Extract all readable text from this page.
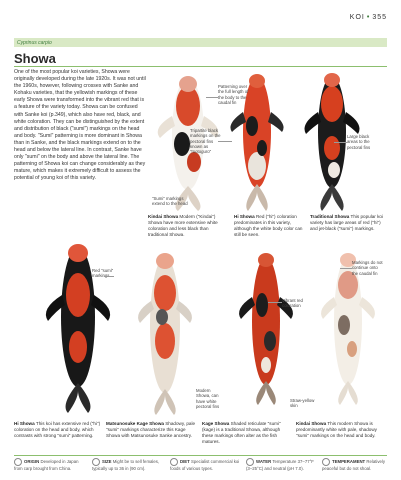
KOI • 355
Cyprinus carpio
Showa
One of the most popular koi varieties, Showa were originally developed during the late 1920s. It was not until the 1960s, however, following crosses with Sanke and Kohaku varieties, that the yellowish markings of these early Showa were transformed into the vibrant red that is a feature of the variety today. Showa can be confused with Sanke koi (p.349), which also have red, black, and white coloration. They can be distinguished by the extent and distribution of black ("sumi") markings on the head and body. "Sumi" patterning is more dominant in Showa than in Sanke, and the black markings extend on to the head and below the lateral line. In contrast, Sanke have only "sumi" on the body and above the lateral line. The patterning of Showa koi can change considerably as they mature, which makes it extremely difficult to assess the potential of young koi of this variety.
Patterning over the full length of the body to the caudal fin
Tripartite black markings on the pectoral fins known as "motoguro"
Large black areas to the pectoral fins
"Sumi" markings extend to the head
Red "sumi" markings
Markings do not continue onto the caudal fin
Vibrant red coloration
Modern Showa, can have white pectoral fins
Straw-yellow skin
Kindai Showa Modern ("Kindai") Showa have more extensive white coloration and less black than traditional Showa.
Hi Showa Red ("hi") coloration predominates in this variety, although the white body color can still be seen.
Traditional Showa This popular koi variety has large areas of red ("hi") and jet-black ("sumi") markings.
Hi Showa This koi has extensive red ("hi") coloration on the head and body, which contrasts with strong "sumi" patterning.
Matsunosuke Kage Showa Shadowy, pale "sumi" markings characterize this Kage Showa with Matsunosuke Sanke ancestry.
Kage Showa Shaded reticulate "sumi" (kage) is a traditional Showa, although these markings often alter as the fish matures.
Kindai Showa This modern Showa is predominantly white with pale, shadowy "sumi" markings on the head and body.
ORIGIN Developed in Japan from carp brought from China.
SIZE Might be to sell females, typically up to 36 in (90 cm).
DIET Specialist commercial koi foods of various types.
WATER Temperature 37–77°F (3–25°C) and neutral (pH 7.0).
TEMPERAMENT Relatively peaceful but do not shoal.
